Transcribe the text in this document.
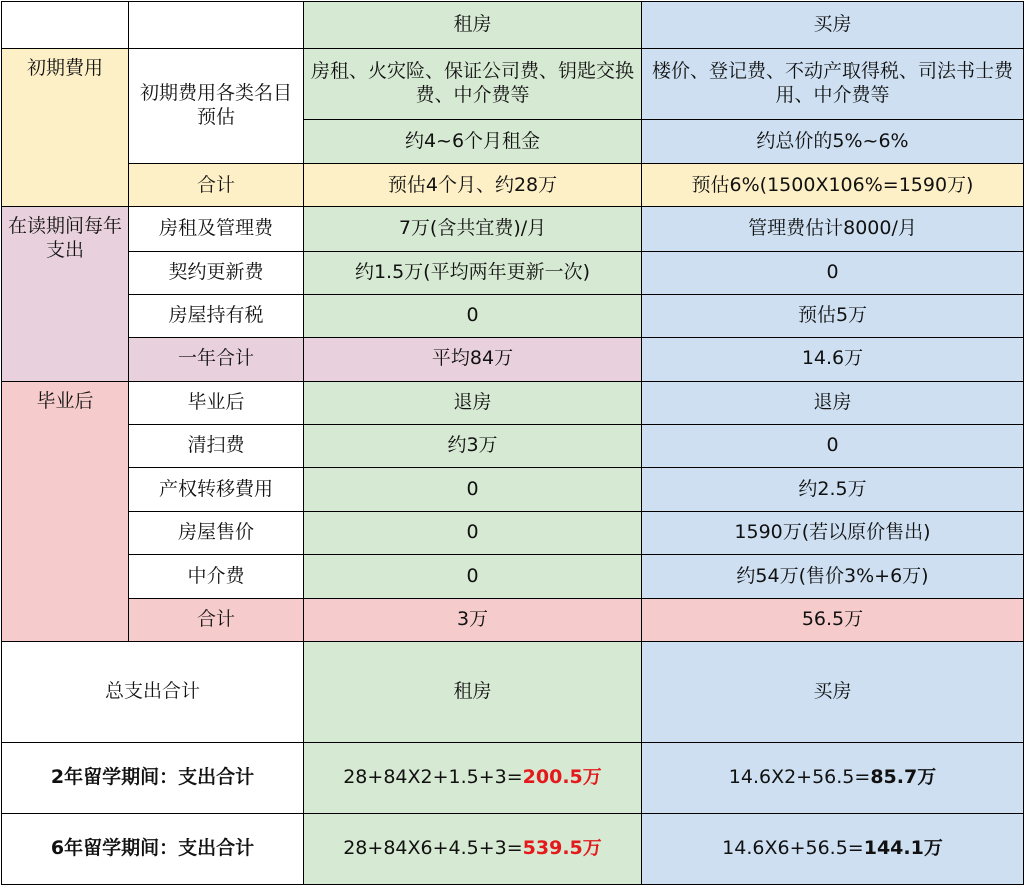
		租房	买房
初期費用	初期费用各类名目预估	房租、火灾险、保证公司费、钥匙交换费、中介费等	楼价、登记费、不动产取得税、司法书士费用、中介费等
		约4~6个月租金	约总价的5%~6%
	合计	预估4个月、约28万	预估6%(1500X106%=1590万)
在读期间每年支出	房租及管理费	7万(含共宜费)/月	管理费估计8000/月
	契约更新费	约1.5万(平均两年更新一次)	0
	房屋持有税	0	预估5万
	一年合计	平均84万	14.6万
毕业后	毕业后	退房	退房
	清扫费	约3万	0
	产权转移費用	0	约2.5万
	房屋售价	0	1590万(若以原价售出)
	中介费	0	约54万(售价3%+6万)
	合计	3万	56.5万
总支出合计		租房	买房
2年留学期间：支出合计		28+84X2+1.5+3=200.5万	14.6X2+56.5=85.7万
6年留学期间：支出合计		28+84X6+4.5+3=539.5万	14.6X6+56.5=144.1万
